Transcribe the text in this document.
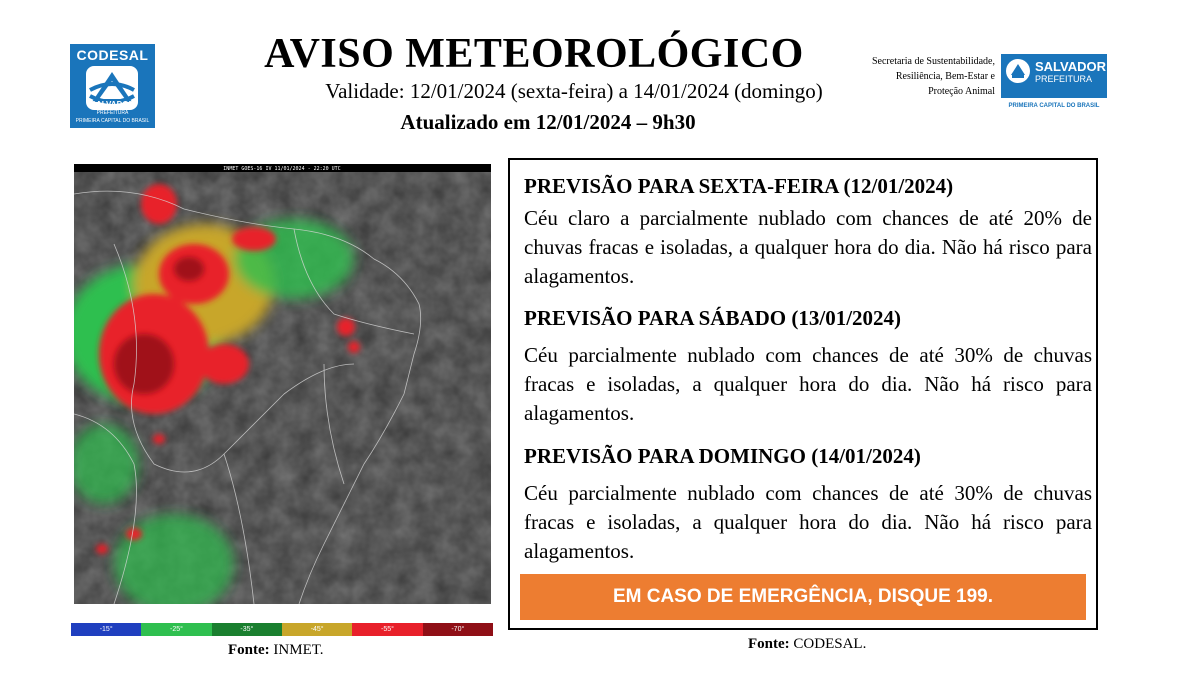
CODESAL
SALVADOR
PREFEITURA
PRIMEIRA CAPITAL DO BRASIL
AVISO METEOROLÓGICO
Validade: 12/01/2024 (sexta-feira) a 14/01/2024 (domingo)
Atualizado em 12/01/2024 – 9h30
Secretaria de Sustentabilidade,
Resiliência, Bem-Estar e
Proteção Animal
SALVADOR
PREFEITURA
PRIMEIRA CAPITAL DO BRASIL
INMET GOES-16 IV 11/01/2024 - 22:20 UTC
-15°	-25°	-35°	-45°	-55°	-70°
Fonte: INMET.
PREVISÃO PARA SEXTA-FEIRA (12/01/2024)
Céu claro a parcialmente nublado com chances de até 20% de chuvas fracas e isoladas, a qualquer hora do dia. Não há risco para alagamentos.
PREVISÃO PARA SÁBADO (13/01/2024)
Céu parcialmente nublado com chances de até 30% de chuvas fracas e isoladas, a qualquer hora do dia. Não há risco para alagamentos.
PREVISÃO PARA DOMINGO (14/01/2024)
Céu parcialmente nublado com chances de até 30% de chuvas fracas e isoladas, a qualquer hora do dia. Não há risco para alagamentos.
EM CASO DE EMERGÊNCIA, DISQUE 199.
Fonte: CODESAL.
